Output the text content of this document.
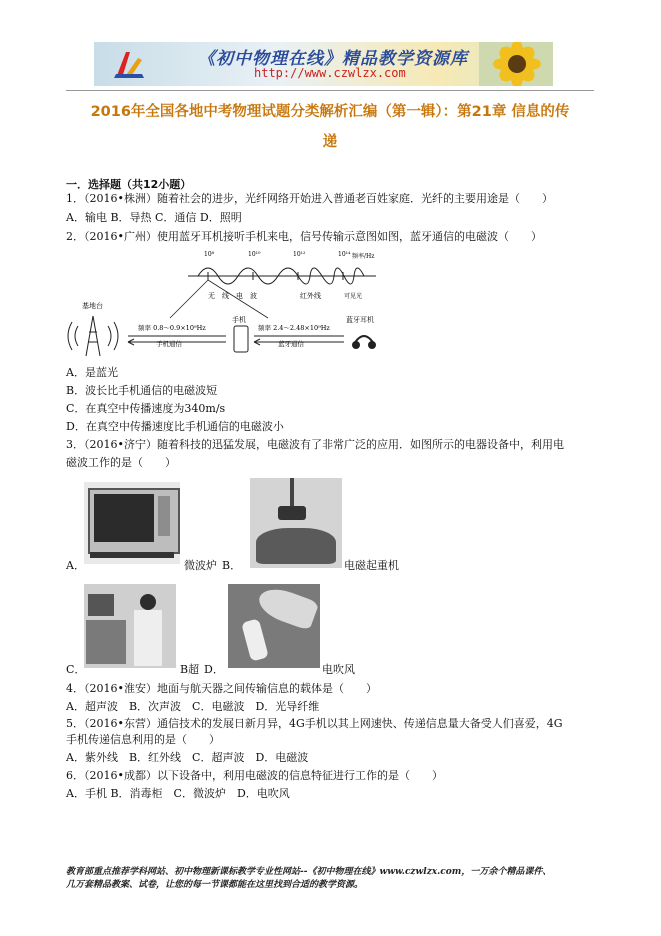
《初中物理在线》精品教学资源库
http://www.czwlzx.com
2016年全国各地中考物理试题分类解析汇编（第一辑）：第21章 信息的传
递
一．选择题（共12小题）
1．（2016•株洲）随着社会的进步，光纤网络开始进入普通老百姓家庭．光纤的主要用途是（　　）
A．输电 B．导热 C．通信 D．照明
2．（2016•广州）使用蓝牙耳机接听手机来电，信号传输示意图如图，蓝牙通信的电磁波（　　）
10⁸	10¹⁰	10¹²	10¹⁴ 频率/Hz
无　线　电　波	红外线	可见光
基地台
手机	蓝牙耳机
频率 0.8～0.9×10⁹Hz
手机通信
频率 2.4～2.48×10⁹Hz
蓝牙通信
A．是蓝光
B．波长比手机通信的电磁波短
C．在真空中传播速度为340m/s
D．在真空中传播速度比手机通信的电磁波小
3．（2016•济宁）随着科技的迅猛发展，电磁波有了非常广泛的应用．如图所示的电器设备中，利用电
磁波工作的是（　　）
A．	微波炉 B．	电磁起重机
C．	B超 D．	电吹风
4．（2016•淮安）地面与航天器之间传输信息的载体是（　　）
A．超声波　B．次声波　C．电磁波　D．光导纤维
5．（2016•东营）通信技术的发展日新月异，4G手机以其上网速快、传递信息量大备受人们喜爱，4G
手机传递信息利用的是（　　）
A．紫外线　B．红外线　C．超声波　D．电磁波
6．（2016•成都）以下设备中，利用电磁波的信息特征进行工作的是（　　）
A．手机 B．消毒柜　C．微波炉　D．电吹风
教育部重点推荐学科网站、初中物理新课标教学专业性网站--《初中物理在线》www.czwlzx.com，一万余个精品课件、
几万套精品教案、试卷，让您的每一节课都能在这里找到合适的教学资源。
